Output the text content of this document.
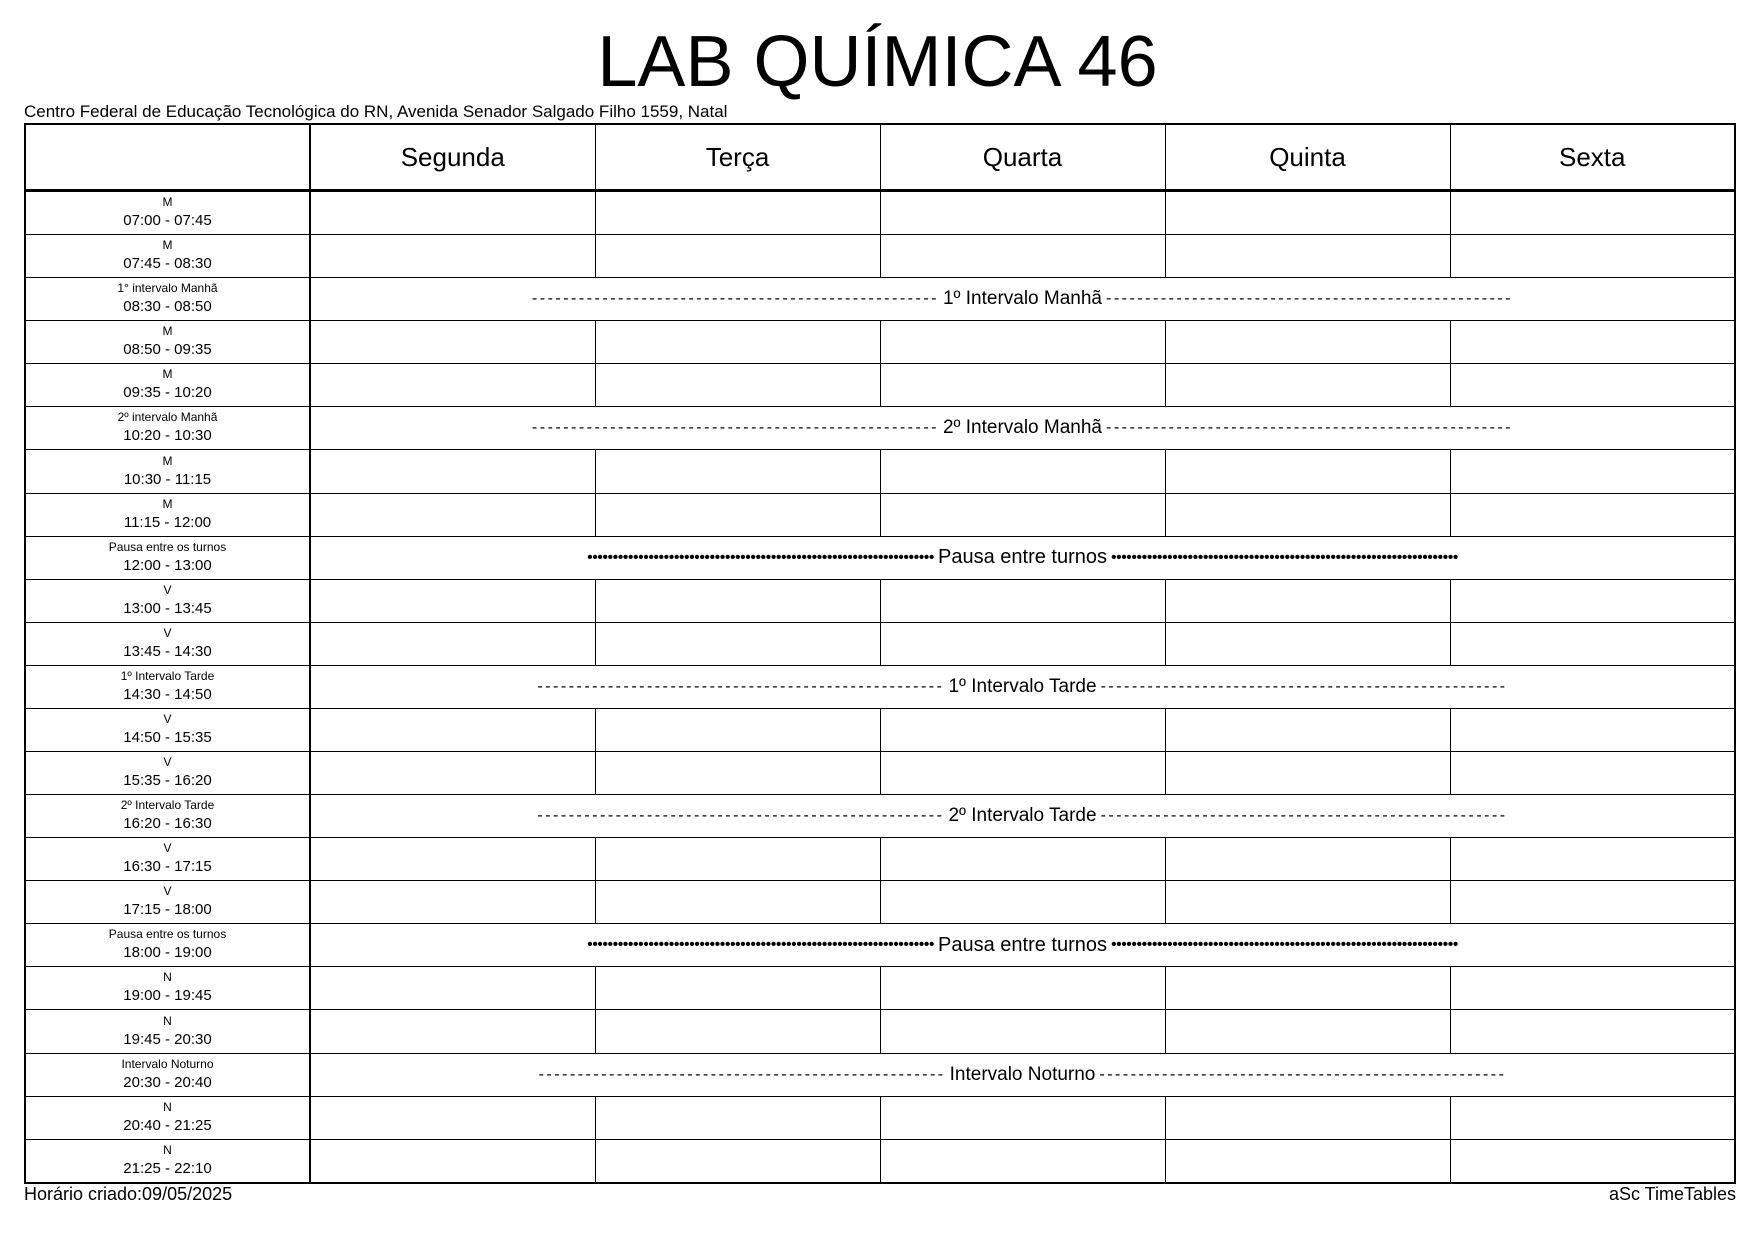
LAB QUÍMICA 46
Centro Federal de Educação Tecnológica do RN, Avenida Senador Salgado Filho 1559, Natal
	Segunda	Terça	Quarta	Quinta	Sexta

M
07:00 - 07:45					

M
07:45 - 08:30					

1° intervalo Manhã
08:30 - 08:50	---------------------------------------------------- 1º Intervalo Manhã ----------------------------------------------------				

M
08:50 - 09:35					

M
09:35 - 10:20					

2º intervalo Manhã
10:20 - 10:30	---------------------------------------------------- 2º Intervalo Manhã ----------------------------------------------------				

M
10:30 - 11:15					

M
11:15 - 12:00					

Pausa entre os turnos
12:00 - 13:00	•••••••••••••••••••••••••••••••••••••••••••••••••••••••••••••••••••• Pausa entre turnos ••••••••••••••••••••••••••••••••••••••••••••••••••••••••••••••••••••				

V
13:00 - 13:45					

V
13:45 - 14:30					

1º Intervalo Tarde
14:30 - 14:50	---------------------------------------------------- 1º Intervalo Tarde ----------------------------------------------------				

V
14:50 - 15:35					

V
15:35 - 16:20					

2º Intervalo Tarde
16:20 - 16:30	---------------------------------------------------- 2º Intervalo Tarde ----------------------------------------------------				

V
16:30 - 17:15					

V
17:15 - 18:00					

Pausa entre os turnos
18:00 - 19:00	•••••••••••••••••••••••••••••••••••••••••••••••••••••••••••••••••••• Pausa entre turnos ••••••••••••••••••••••••••••••••••••••••••••••••••••••••••••••••••••				

N
19:00 - 19:45					

N
19:45 - 20:30					

Intervalo Noturno
20:30 - 20:40	---------------------------------------------------- Intervalo Noturno ----------------------------------------------------				

N
20:40 - 21:25					

N
21:25 - 22:10					

Horário criado:09/05/2025	aSc TimeTables
